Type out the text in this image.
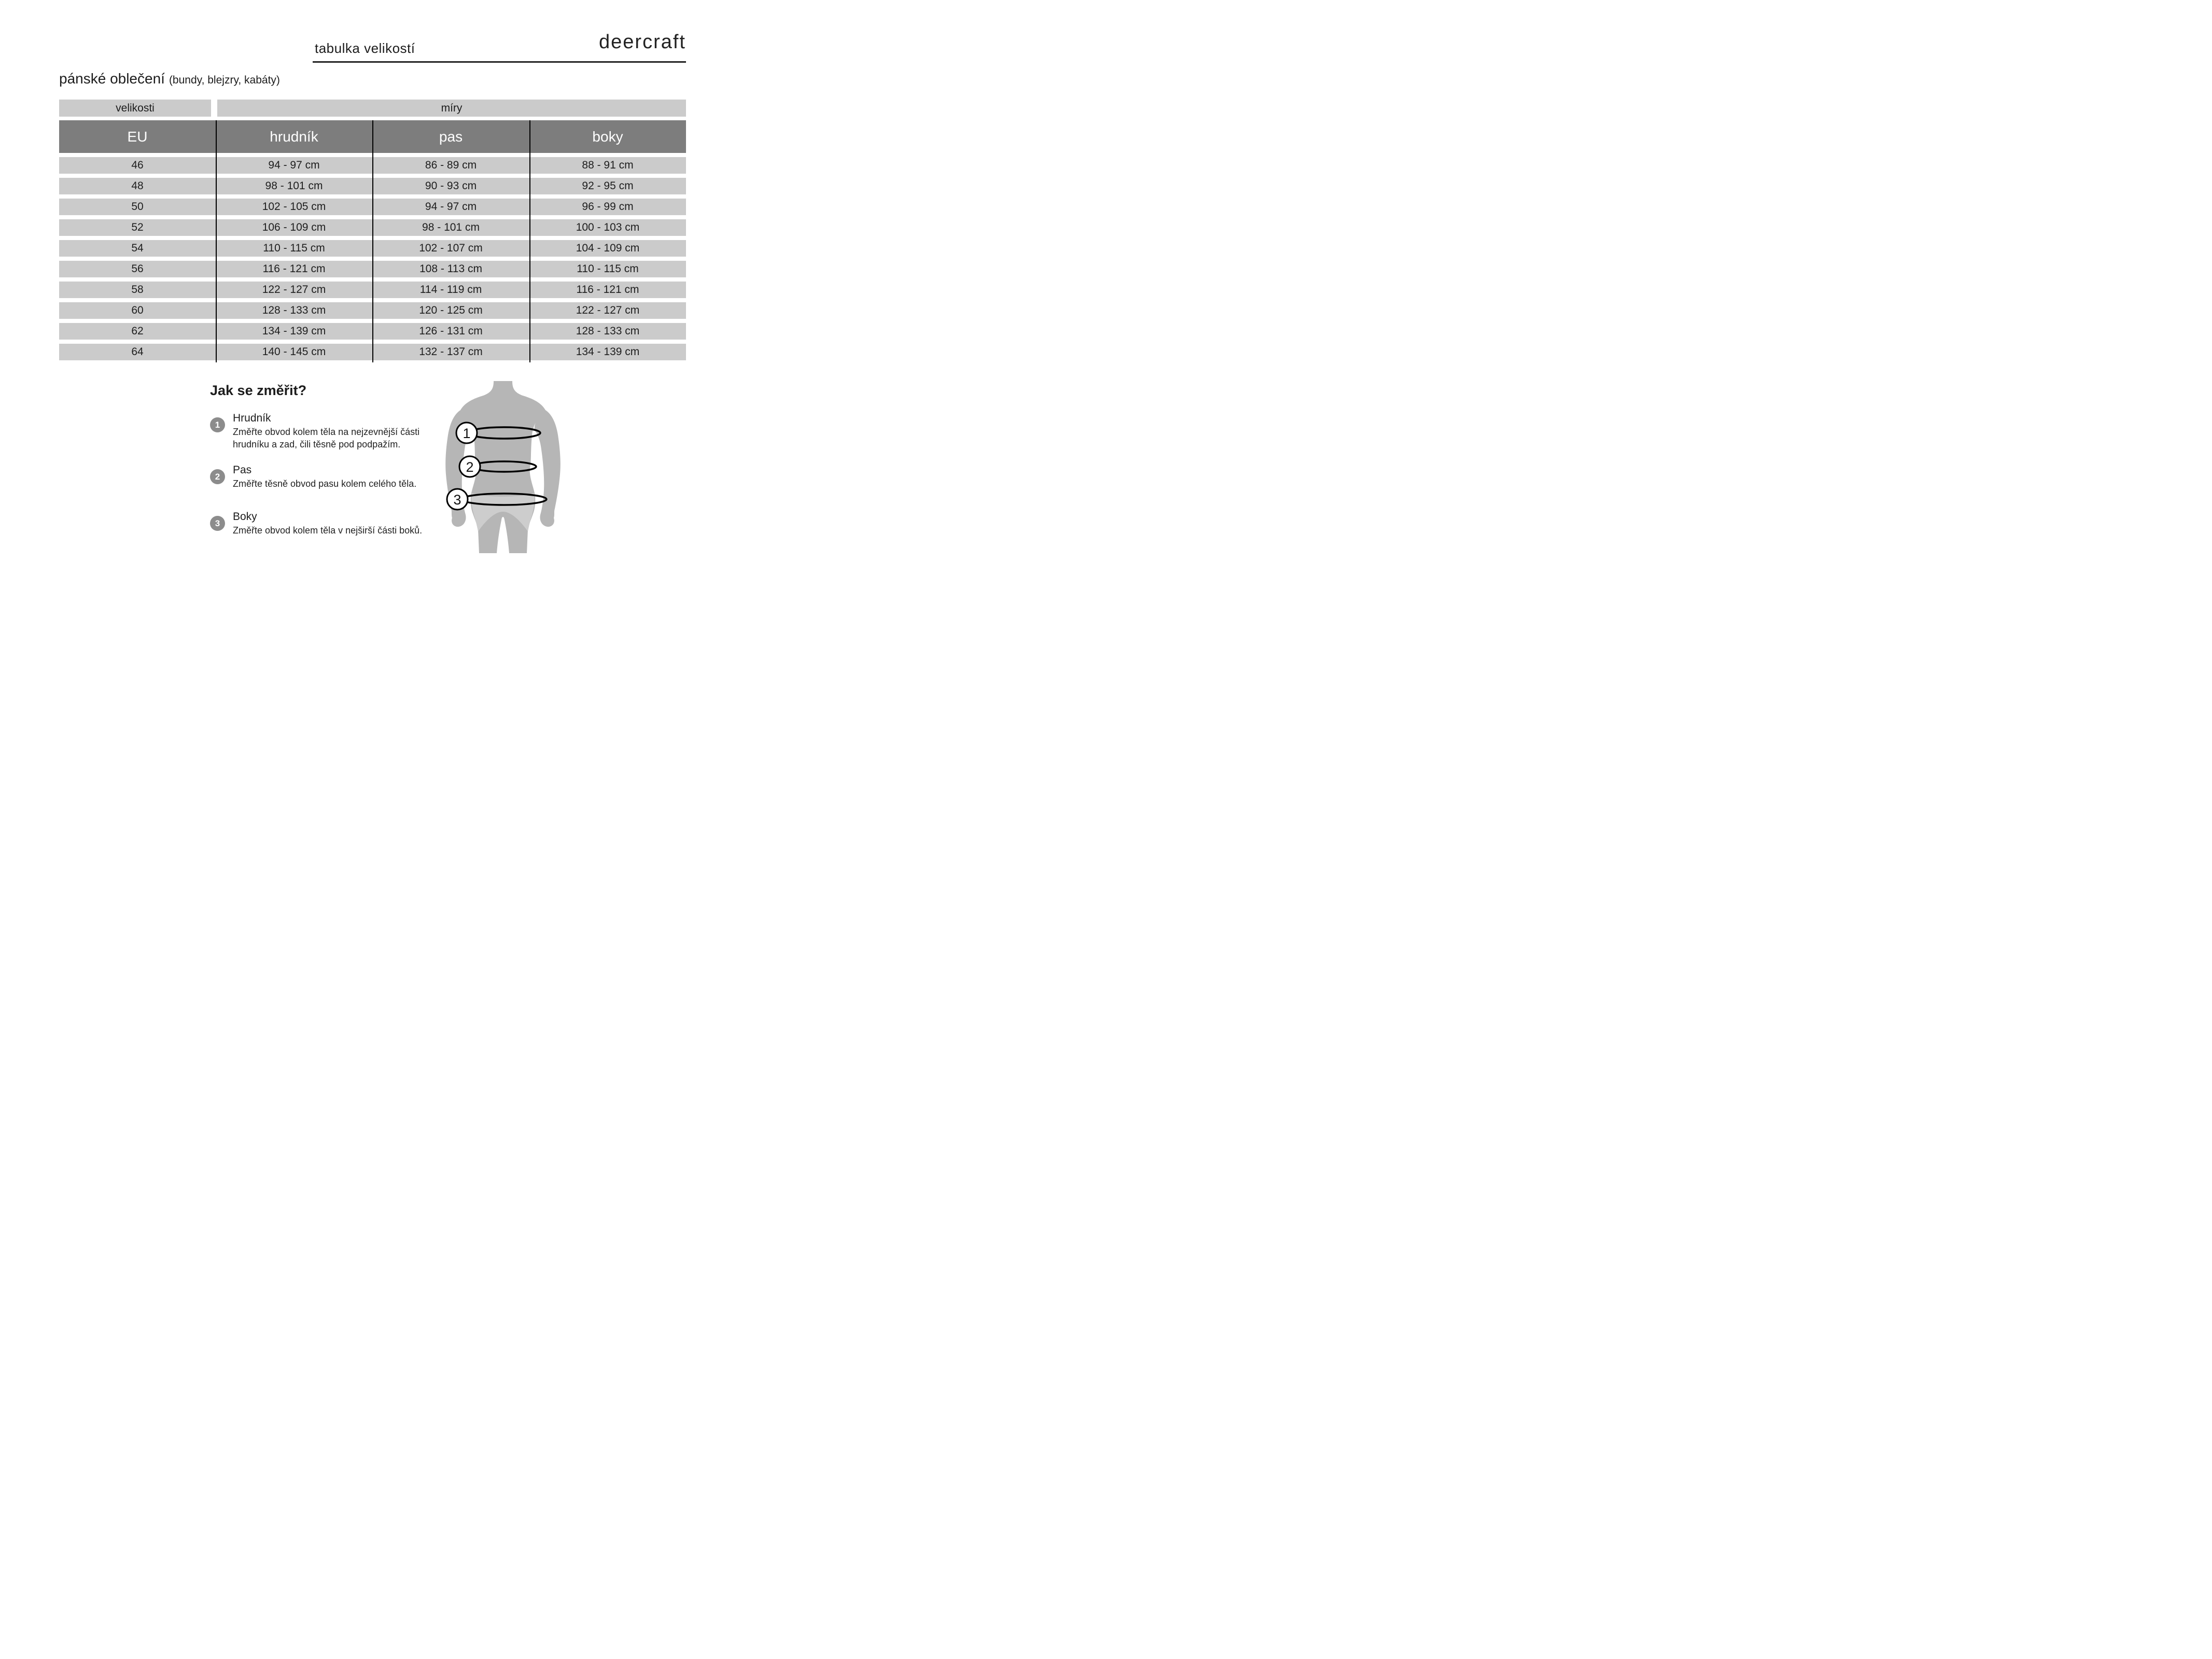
tabulka velikostí	deercraft
pánské oblečení (bundy, blejzry, kabáty)
velikosti	míry
EU	hrudník	pas	boky
46	94 - 97 cm	86 - 89 cm	88 - 91 cm
48	98 - 101 cm	90 - 93 cm	92 - 95 cm
50	102 - 105 cm	94 - 97 cm	96 - 99 cm
52	106 - 109 cm	98 - 101 cm	100 - 103 cm
54	110 - 115 cm	102 - 107 cm	104 - 109 cm
56	116 - 121 cm	108 - 113 cm	110 - 115 cm
58	122 - 127 cm	114 - 119 cm	116 - 121 cm
60	128 - 133 cm	120 - 125 cm	122 - 127 cm
62	134 - 139 cm	126 - 131 cm	128 - 133 cm
64	140 - 145 cm	132 - 137 cm	134 - 139 cm
Jak se změřit?
1
Hrudník
Změřte obvod kolem těla na nejzevnější části hrudníku a zad, čili těsně pod podpažím.
2
Pas
Změřte těsně obvod pasu kolem celého těla.
3
Boky
Změřte obvod kolem těla v nejširší části boků.
1
2
3
